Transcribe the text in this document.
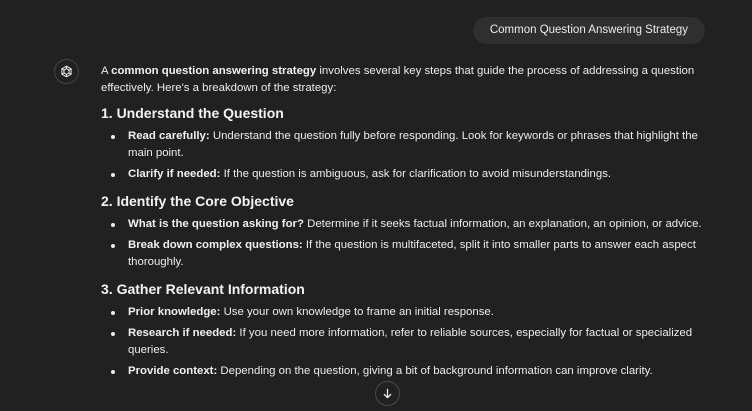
Common Question Answering Strategy

A common question answering strategy involves several key steps that guide the process of addressing a question effectively. Here's a breakdown of the strategy:

1. Understand the Question
Read carefully: Understand the question fully before responding. Look for keywords or phrases that highlight the main point.
Clarify if needed: If the question is ambiguous, ask for clarification to avoid misunderstandings.
2. Identify the Core Objective
What is the question asking for? Determine if it seeks factual information, an explanation, an opinion, or advice.
Break down complex questions: If the question is multifaceted, split it into smaller parts to answer each aspect thoroughly.
3. Gather Relevant Information
Prior knowledge: Use your own knowledge to frame an initial response.
Research if needed: If you need more information, refer to reliable sources, especially for factual or specialized queries.
Provide context: Depending on the question, giving a bit of background information can improve clarity.
